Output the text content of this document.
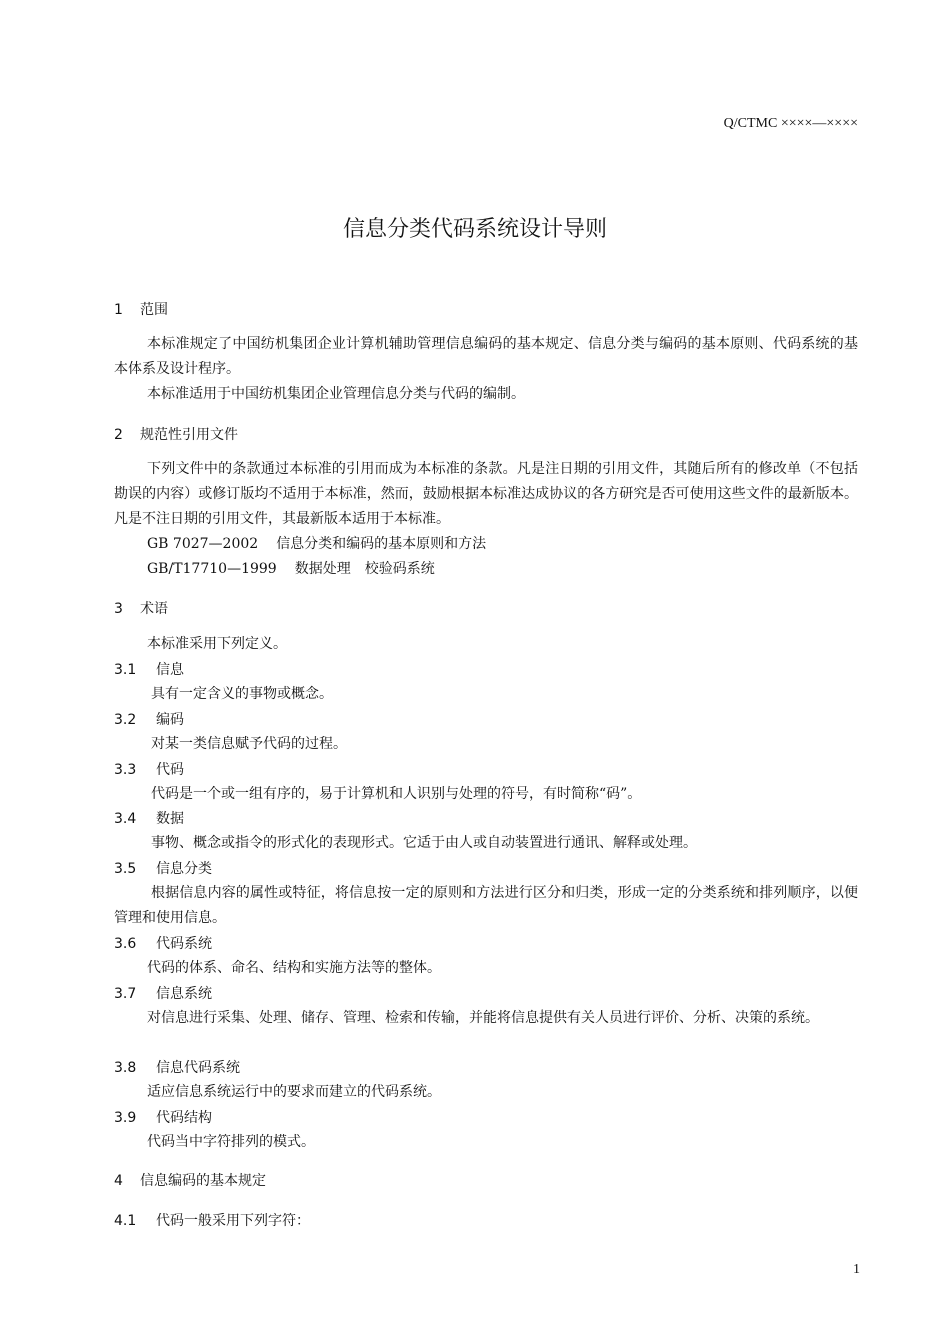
Q/CTMC ××××—××××
信息分类代码系统设计导则
1 范围
本标准规定了中国纺机集团企业计算机辅助管理信息编码的基本规定、信息分类与编码的基本原则、代码系统的基本体系及设计程序。
本标准适用于中国纺机集团企业管理信息分类与代码的编制。
2 规范性引用文件
下列文件中的条款通过本标准的引用而成为本标准的条款。凡是注日期的引用文件，其随后所有的修改单（不包括勘误的内容）或修订版均不适用于本标准，然而，鼓励根据本标准达成协议的各方研究是否可使用这些文件的最新版本。凡是不注日期的引用文件，其最新版本适用于本标准。
GB 7027—2002 信息分类和编码的基本原则和方法
GB/T17710—1999 数据处理　校验码系统
3 术语
本标准采用下列定义。
3.1 信息
具有一定含义的事物或概念。
3.2 编码
对某一类信息赋予代码的过程。
3.3 代码
代码是一个或一组有序的，易于计算机和人识别与处理的符号，有时简称“码”。
3.4 数据
事物、概念或指令的形式化的表现形式。它适于由人或自动装置进行通讯、解释或处理。
3.5 信息分类
根据信息内容的属性或特征，将信息按一定的原则和方法进行区分和归类，形成一定的分类系统和排列顺序，以便管理和使用信息。
3.6 代码系统
代码的体系、命名、结构和实施方法等的整体。
3.7 信息系统
对信息进行采集、处理、储存、管理、检索和传输，并能将信息提供有关人员进行评价、分析、决策的系统。
3.8 信息代码系统
适应信息系统运行中的要求而建立的代码系统。
3.9 代码结构
代码当中字符排列的模式。
4 信息编码的基本规定
4.1 代码一般采用下列字符：
1
